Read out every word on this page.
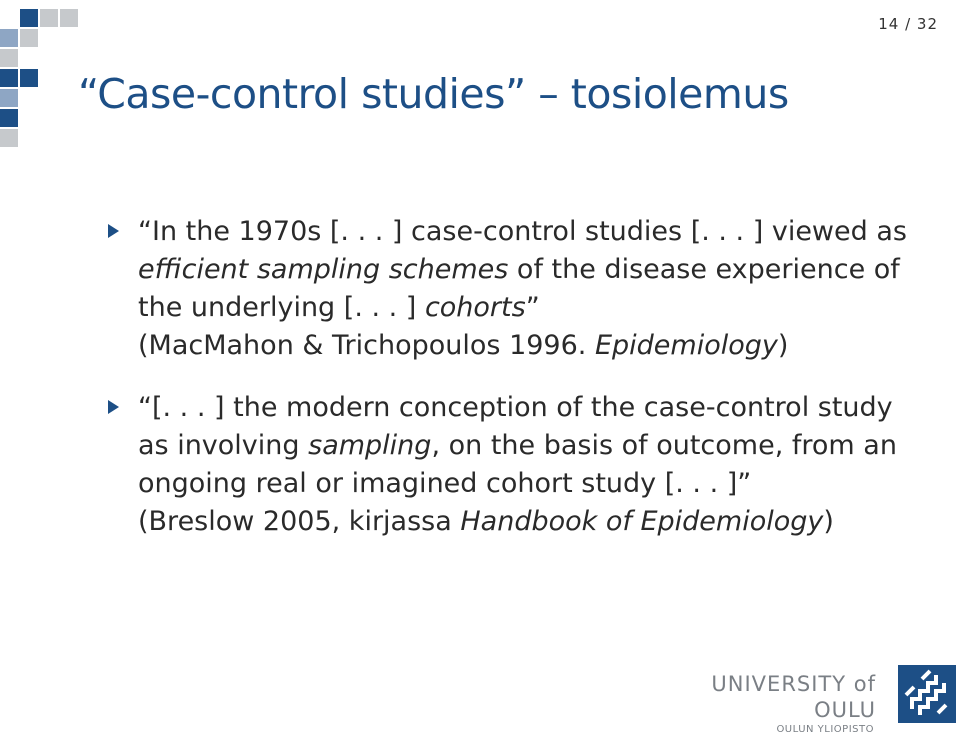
14 / 32
“Case-control studies” – tosiolemus
“In the 1970s [. . . ] case-control studies [. . . ] viewed as
efficient sampling schemes of the disease experience of
the underlying [. . . ] cohorts”
(MacMahon & Trichopoulos 1996. Epidemiology)
“[. . . ] the modern conception of the case-control study
as involving sampling, on the basis of outcome, from an
ongoing real or imagined cohort study [. . . ]”
(Breslow 2005, kirjassa Handbook of Epidemiology)
UNIVERSITY of OULU
OULUN YLIOPISTO
